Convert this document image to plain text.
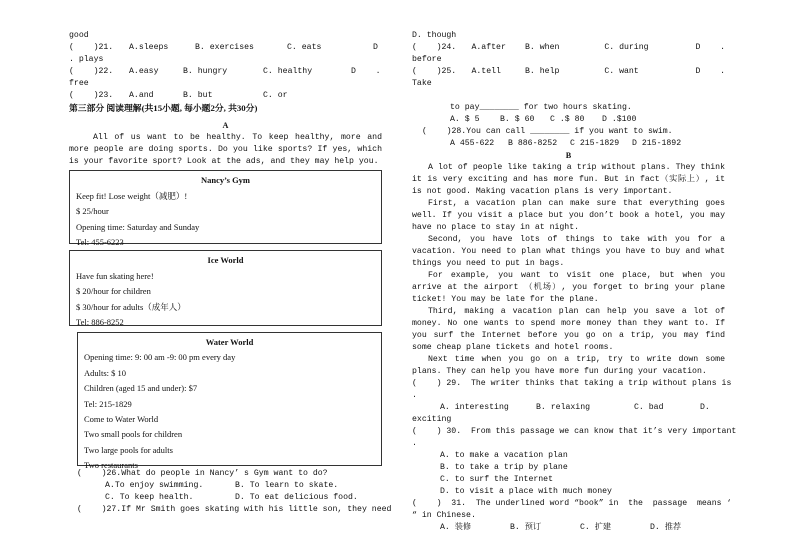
good
(    )21.	A.sleeps	B. exercises	C. eats	D
. plays
(    )22.	A.easy	B. hungry	C. healthy	D    .
free
(    )23.	A.and	B. but	C. or
第三部分 阅读理解(共15小题, 每小题2分, 共30分)
A
All of us want to be healthy. To keep healthy, more and more people are doing sports. Do you like sports? If yes, which is your favorite sport? Look at the ads, and they may help you.
Nancy’s Gym
Keep fit! Lose weight（减肥）!
$ 25/hour
Opening time: Saturday and Sunday
Tel: 455-6223
Ice World
Have fun skating here!
$ 20/hour for children
$ 30/hour for adults（成年人）
Tel: 886-8252
Water World
Opening time: 9: 00 am -9: 00 pm every day
Adults: $ 10
Children (aged 15 and under): $7
Tel: 215-1829
Come to Water World
Two small pools for children
Two large pools for adults
Two restaurants
(    )26.What do people in Nancy’ s Gym want to do?
A.To enjoy swimming.	B. To learn to skate.
C. To keep health.	D. To eat delicious food.
(    )27.If Mr Smith goes skating with his little son, they need
D. though
(    )24.	A.after	B. when	C. during	D    .
before
(    )25.	A.tell	B. help	C. want	D    .
Take
to pay________ for two hours skating.
A. $ 5	B. $ 60	C .$ 80	D .$100
(    )28.You can call ________ if you want to swim.
A 455-622	B 886-8252	C 215-1829	D 215-1892
B
A lot of people like taking a trip without plans. They think it is very exciting and has more fun. But in fact（实际上）, it is not good. Making vacation plans is very important.
First, a vacation plan can make sure that everything goes well. If you visit a place but you don’t book a hotel, you may have no place to stay in at night.
Second, you have lots of things to take with you for a vacation. You need to plan what things you have to buy and what things you need to put in bags.
For example, you want to visit one place, but when you arrive at the airport （机场）, you forget to bring your plane ticket! You may be late for the plane.
Third, making a vacation plan can help you save a lot of money. No one wants to spend more money than they want to. If you surf the Internet before you go on a trip, you may find some cheap plane tickets and hotel rooms.
Next time when you go on a trip, try to write down some plans. They can help you have more fun during your vacation.
(    ) 29.  The writer thinks that taking a trip without plans is
.
A. interesting	B. relaxing	C. bad	D.
exciting
(    ) 30.  From this passage we can know that it’s very important
.
A. to make a vacation plan
B. to take a trip by plane
C. to surf the Internet
D. to visit a place with much money
(    )  31.  The underlined word “book” in  the  passage  means ‘
“ in Chinese.
A. 装修	B. 预订	C. 扩建	D. 推荐
